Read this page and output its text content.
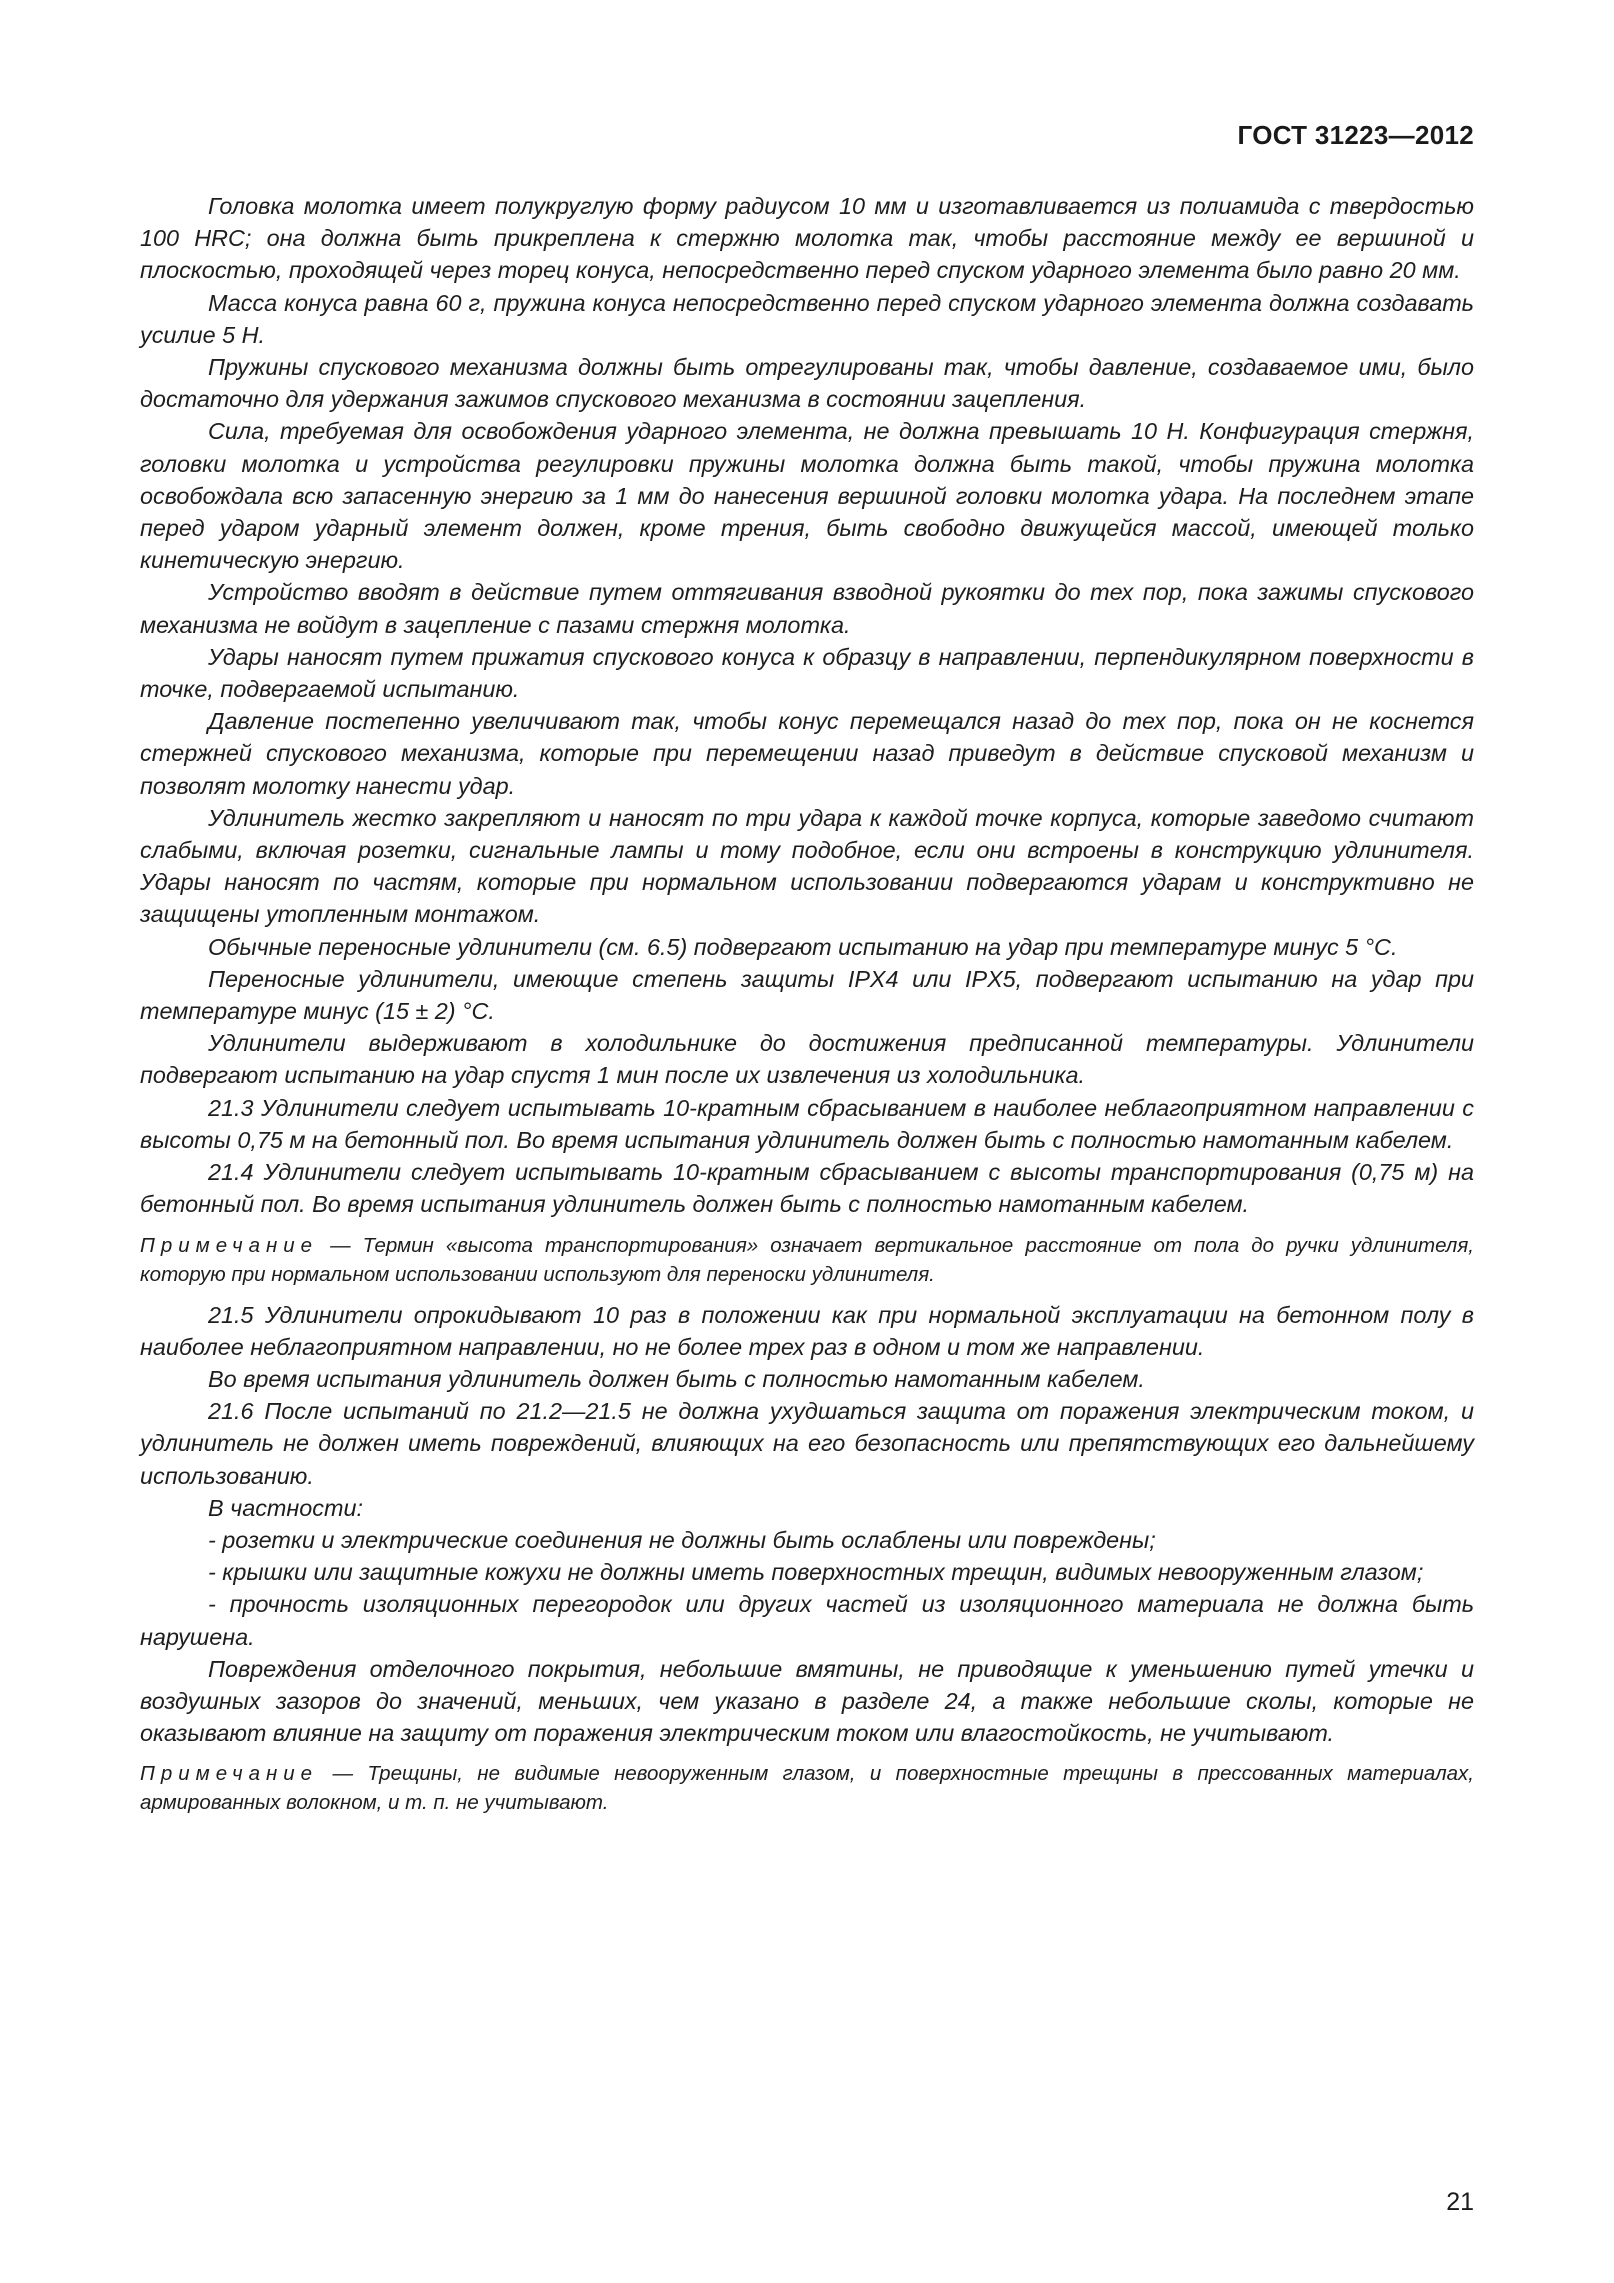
ГОСТ 31223—2012

Головка молотка имеет полукруглую форму радиусом 10 мм и изготавливается из полиамида с твердостью 100 HRC; она должна быть прикреплена к стержню молотка так, чтобы расстояние между ее вершиной и плоскостью, проходящей через торец конуса, непосредственно перед спуском ударного элемента было равно 20 мм.

Масса конуса равна 60 г, пружина конуса непосредственно перед спуском ударного элемента должна создавать усилие 5 Н.

Пружины спускового механизма должны быть отрегулированы так, чтобы давление, создаваемое ими, было достаточно для удержания зажимов спускового механизма в состоянии зацепления.

Сила, требуемая для освобождения ударного элемента, не должна превышать 10 Н. Конфигурация стержня, головки молотка и устройства регулировки пружины молотка должна быть такой, чтобы пружина молотка освобождала всю запасенную энергию за 1 мм до нанесения вершиной головки молотка удара. На последнем этапе перед ударом ударный элемент должен, кроме трения, быть свободно движущейся массой, имеющей только кинетическую энергию.

Устройство вводят в действие путем оттягивания взводной рукоятки до тех пор, пока зажимы спускового механизма не войдут в зацепление с пазами стержня молотка.

Удары наносят путем прижатия спускового конуса к образцу в направлении, перпендикулярном поверхности в точке, подвергаемой испытанию.

Давление постепенно увеличивают так, чтобы конус перемещался назад до тех пор, пока он не коснется стержней спускового механизма, которые при перемещении назад приведут в действие спусковой механизм и позволят молотку нанести удар.

Удлинитель жестко закрепляют и наносят по три удара к каждой точке корпуса, которые заведомо считают слабыми, включая розетки, сигнальные лампы и тому подобное, если они встроены в конструкцию удлинителя. Удары наносят по частям, которые при нормальном использовании подвергаются ударам и конструктивно не защищены утопленным монтажом.

Обычные переносные удлинители (см. 6.5) подвергают испытанию на удар при температуре минус 5 °С.

Переносные удлинители, имеющие степень защиты IPX4 или IPX5, подвергают испытанию на удар при температуре минус (15 ± 2) °С.

Удлинители выдерживают в холодильнике до достижения предписанной температуры. Удлинители подвергают испытанию на удар спустя 1 мин после их извлечения из холодильника.

21.3 Удлинители следует испытывать 10-кратным сбрасыванием в наиболее неблагоприятном направлении с высоты 0,75 м на бетонный пол. Во время испытания удлинитель должен быть с полностью намотанным кабелем.

21.4 Удлинители следует испытывать 10-кратным сбрасыванием с высоты транспортирования (0,75 м) на бетонный пол. Во время испытания удлинитель должен быть с полностью намотанным кабелем.

Примечание — Термин «высота транспортирования» означает вертикальное расстояние от пола до ручки удлинителя, которую при нормальном использовании используют для переноски удлинителя.

21.5 Удлинители опрокидывают 10 раз в положении как при нормальной эксплуатации на бетонном полу в наиболее неблагоприятном направлении, но не более трех раз в одном и том же направлении.

Во время испытания удлинитель должен быть с полностью намотанным кабелем.

21.6 После испытаний по 21.2—21.5 не должна ухудшаться защита от поражения электрическим током, и удлинитель не должен иметь повреждений, влияющих на его безопасность или препятствующих его дальнейшему использованию.

В частности:

- розетки и электрические соединения не должны быть ослаблены или повреждены;

- крышки или защитные кожухи не должны иметь поверхностных трещин, видимых невооруженным глазом;

- прочность изоляционных перегородок или других частей из изоляционного материала не должна быть нарушена.

Повреждения отделочного покрытия, небольшие вмятины, не приводящие к уменьшению путей утечки и воздушных зазоров до значений, меньших, чем указано в разделе 24, а также небольшие сколы, которые не оказывают влияние на защиту от поражения электрическим током или влагостойкость, не учитывают.

Примечание — Трещины, не видимые невооруженным глазом, и поверхностные трещины в прессованных материалах, армированных волокном, и т. п. не учитывают.

21
